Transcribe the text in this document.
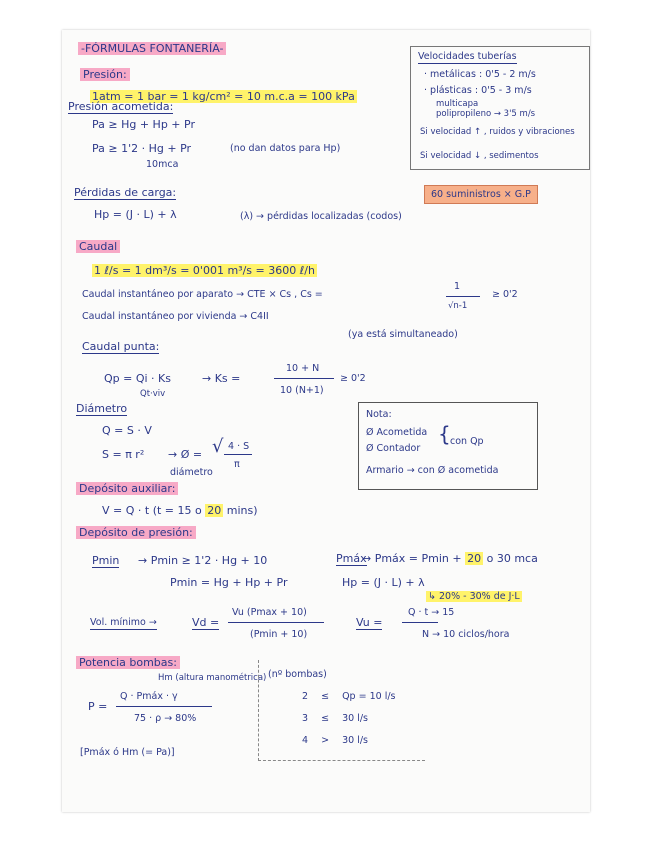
-FÓRMULAS FONTANERÍA-
Presión:
1atm = 1 bar = 1 kg/cm² = 10 m.c.a = 100 kPa
Presión acometida:
Pa ≥ Hg + Hp + Pr
Pa ≥ 1'2 · Hg + Pr	(no dan datos para Hp)
10mca
Pérdidas de carga:
Hp = (J · L) + λ	(λ) → pérdidas localizadas (codos)
Caudal
1 ℓ/s = 1 dm³/s = 0'001 m³/s = 3600 ℓ/h
Caudal instantáneo por aparato → CTE × Cs , Cs =
1
√n-1
≥ 0'2
Caudal instantáneo por vivienda → C4II
(ya está simultaneado)
Caudal punta:
Qp = Qi · Ks
Qt·viv
→ Ks =
10 + N
10 (N+1)
≥ 0'2
Diámetro
Q = S · V
S = π r² → Ø = √ 4 · S
π
diámetro
Nota:
Ø Acometida
Ø Contador
{ con Qp
Armario → con Ø acometida
Depósito auxiliar:
V = Q · t (t = 15 o 20 mins)
Depósito de presión:
Pmin → Pmin ≥ 1'2 · Hg + 10
Pmin = Hg + Hp + Pr
Pmáx
→ Pmáx = Pmin + 20 o 30 mca
Hp = (J · L) + λ
↳ 20% - 30% de J·L
Vol. mínimo →	Vd =
Vu (Pmax + 10)
(Pmin + 10)
Vu =
Q · t → 15
N → 10 ciclos/hora
Potencia bombas:
Hm (altura manométrica)
P =
Q · Pmáx · γ
75 · ρ → 80%
[Pmáx ó Hm (= Pa)]
(nº bombas)
2 ≤ Qp = 10 l/s
3 ≤ 30 l/s
4 > 30 l/s
Velocidades tuberías
· metálicas : 0'5 - 2 m/s
· plásticas : 0'5 - 3 m/s
multicapa
polipropileno → 3'5 m/s
Si velocidad ↑ , ruidos y vibraciones
Si velocidad ↓ , sedimentos
60 suministros × G.P
